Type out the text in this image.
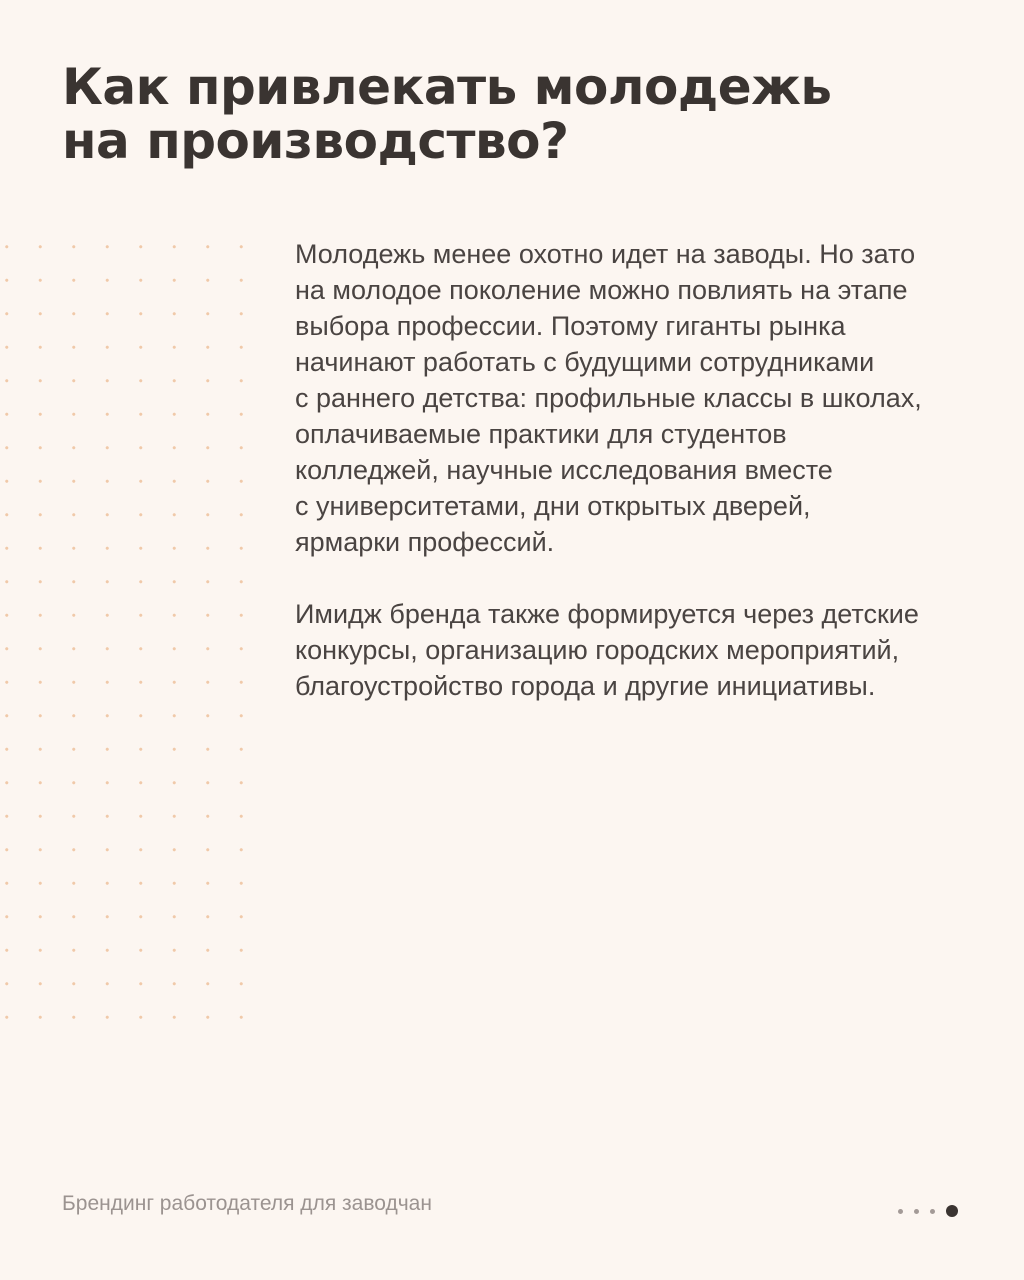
Как привлекать молодежь
на производство?

Молодежь менее охотно идет на заводы. Но зато
на молодое поколение можно повлиять на этапе
выбора профессии. Поэтому гиганты рынка
начинают работать с будущими сотрудниками
с раннего детства: профильные классы в школах,
оплачиваемые практики для студентов
колледжей, научные исследования вместе
с университетами, дни открытых дверей,
ярмарки профессий.

Имидж бренда также формируется через детские
конкурсы, организацию городских мероприятий,
благоустройство города и другие инициативы.

Брендинг работодателя для заводчан
